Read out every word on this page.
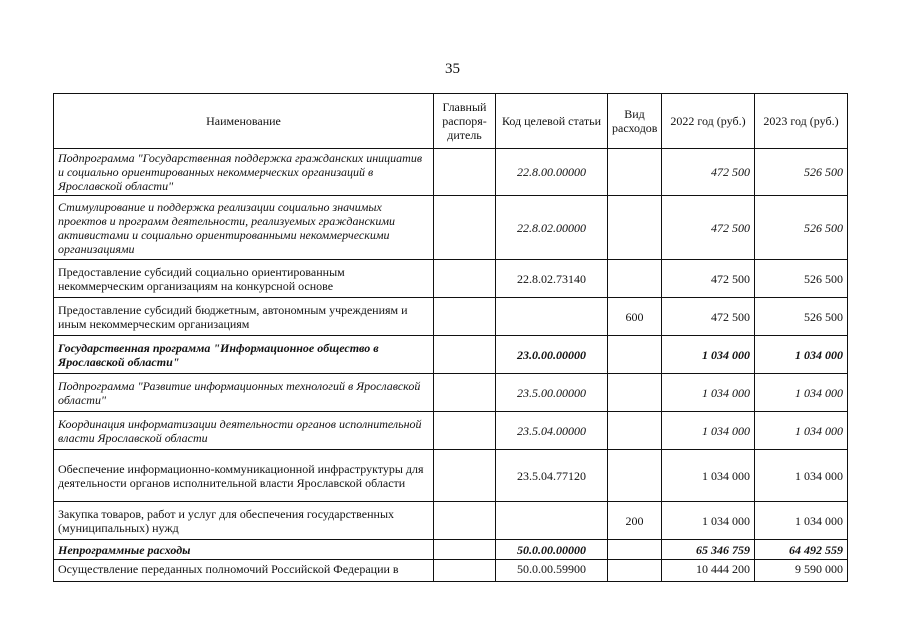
35
Наименование	Главный распоря-дитель	Код целевой статьи	Вид расходов	2022 год (руб.)	2023 год (руб.)
Подпрограмма "Государственная поддержка гражданских инициатив и социально ориентированных некоммерческих организаций в Ярославской области"		22.8.00.00000		472 500	526 500
Стимулирование и поддержка реализации социально значимых проектов и программ деятельности, реализуемых гражданскими активистами и социально ориентированными некоммерческими организациями		22.8.02.00000		472 500	526 500
Предоставление субсидий социально ориентированным некоммерческим организациям на конкурсной основе		22.8.02.73140		472 500	526 500
Предоставление субсидий бюджетным, автономным учреждениям и иным некоммерческим организациям			600	472 500	526 500
Государственная программа "Информационное общество в Ярославской области"		23.0.00.00000		1 034 000	1 034 000
Подпрограмма "Развитие информационных технологий в Ярославской области"		23.5.00.00000		1 034 000	1 034 000
Координация информатизации деятельности органов исполнительной власти Ярославской области		23.5.04.00000		1 034 000	1 034 000
Обеспечение информационно-коммуникационной инфраструктуры для деятельности органов исполнительной власти Ярославской области		23.5.04.77120		1 034 000	1 034 000
Закупка товаров, работ и услуг для обеспечения государственных (муниципальных) нужд			200	1 034 000	1 034 000
Непрограммные расходы		50.0.00.00000		65 346 759	64 492 559
Осуществление переданных полномочий Российской Федерации в		50.0.00.59900		10 444 200	9 590 000
